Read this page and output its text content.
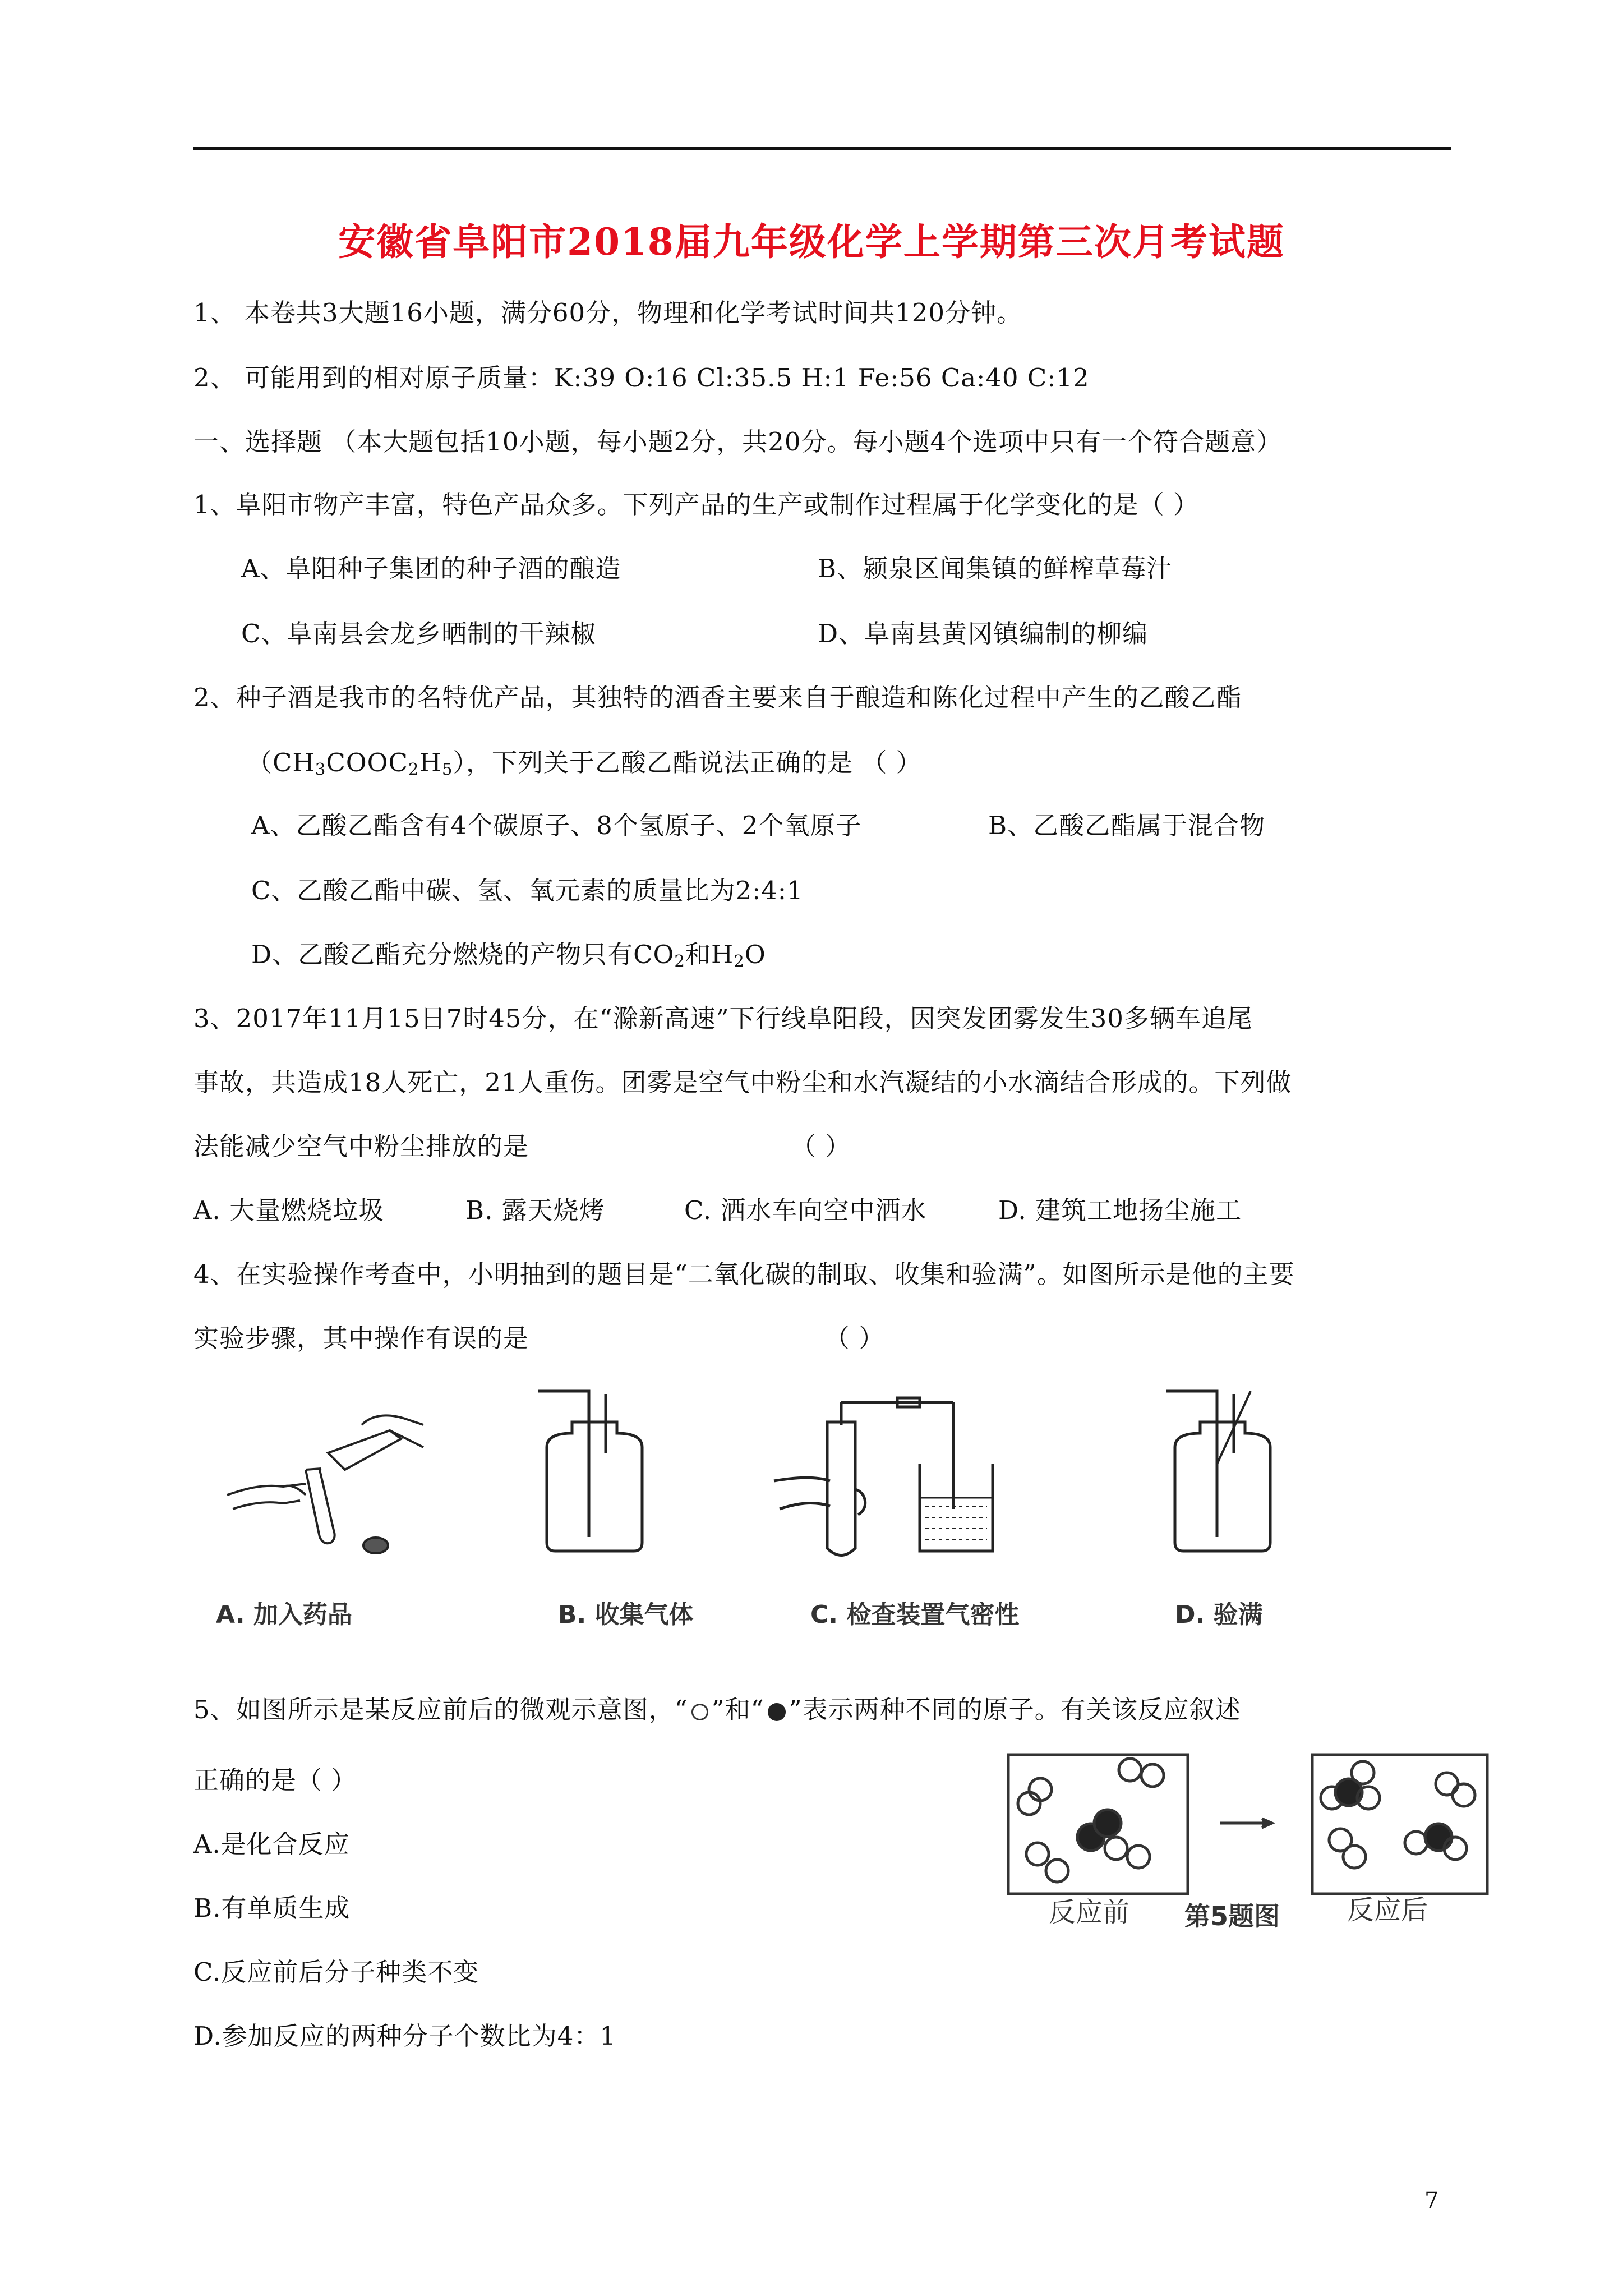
安徽省阜阳市2018届九年级化学上学期第三次月考试题
1、 本卷共3大题16小题，满分60分，物理和化学考试时间共120分钟。
2、 可能用到的相对原子质量：K:39 O:16 Cl:35.5 H:1 Fe:56 Ca:40 C:12
一、选择题 （本大题包括10小题，每小题2分，共20分。每小题4个选项中只有一个符合题意）
1、阜阳市物产丰富，特色产品众多。下列产品的生产或制作过程属于化学变化的是（ ）
A、阜阳种子集团的种子酒的酿造	B、颍泉区闻集镇的鲜榨草莓汁
C、阜南县会龙乡晒制的干辣椒	D、阜南县黄冈镇编制的柳编
2、种子酒是我市的名特优产品，其独特的酒香主要来自于酿造和陈化过程中产生的乙酸乙酯
$(CH_3COOC_2H_5)$，下列关于乙酸乙酯说法正确的是 （ ）
A、乙酸乙酯含有4个碳原子、8个氢原子、2个氧原子	B、乙酸乙酯属于混合物
C、乙酸乙酯中碳、氢、氧元素的质量比为2:4:1
D、乙酸乙酯充分燃烧的产物只有$CO_2$和$H_2O$
3、2017年11月15日7时45分，在“滁新高速”下行线阜阳段，因突发团雾发生30多辆车追尾
事故，共造成18人死亡，21人重伤。团雾是空气中粉尘和水汽凝结的小水滴结合形成的。下列做
法能减少空气中粉尘排放的是	（ ）
A. 大量燃烧垃圾	B. 露天烧烤	C. 洒水车向空中洒水	D. 建筑工地扬尘施工
4、在实验操作考查中，小明抽到的题目是“二氧化碳的制取、收集和验满”。如图所示是他的主要
实验步骤，其中操作有误的是	（ ）
A. 加入药品	B. 收集气体	C. 检查装置气密性	D. 验满
5、如图所示是某反应前后的微观示意图，“ ”和“ ”表示两种不同的原子。有关该反应叙述
正确的是（ ）
A.是化合反应
B.有单质生成
C.反应前后分子种类不变
D.参加反应的两种分子个数比为4：1
反应前 第5题图 反应后
7
